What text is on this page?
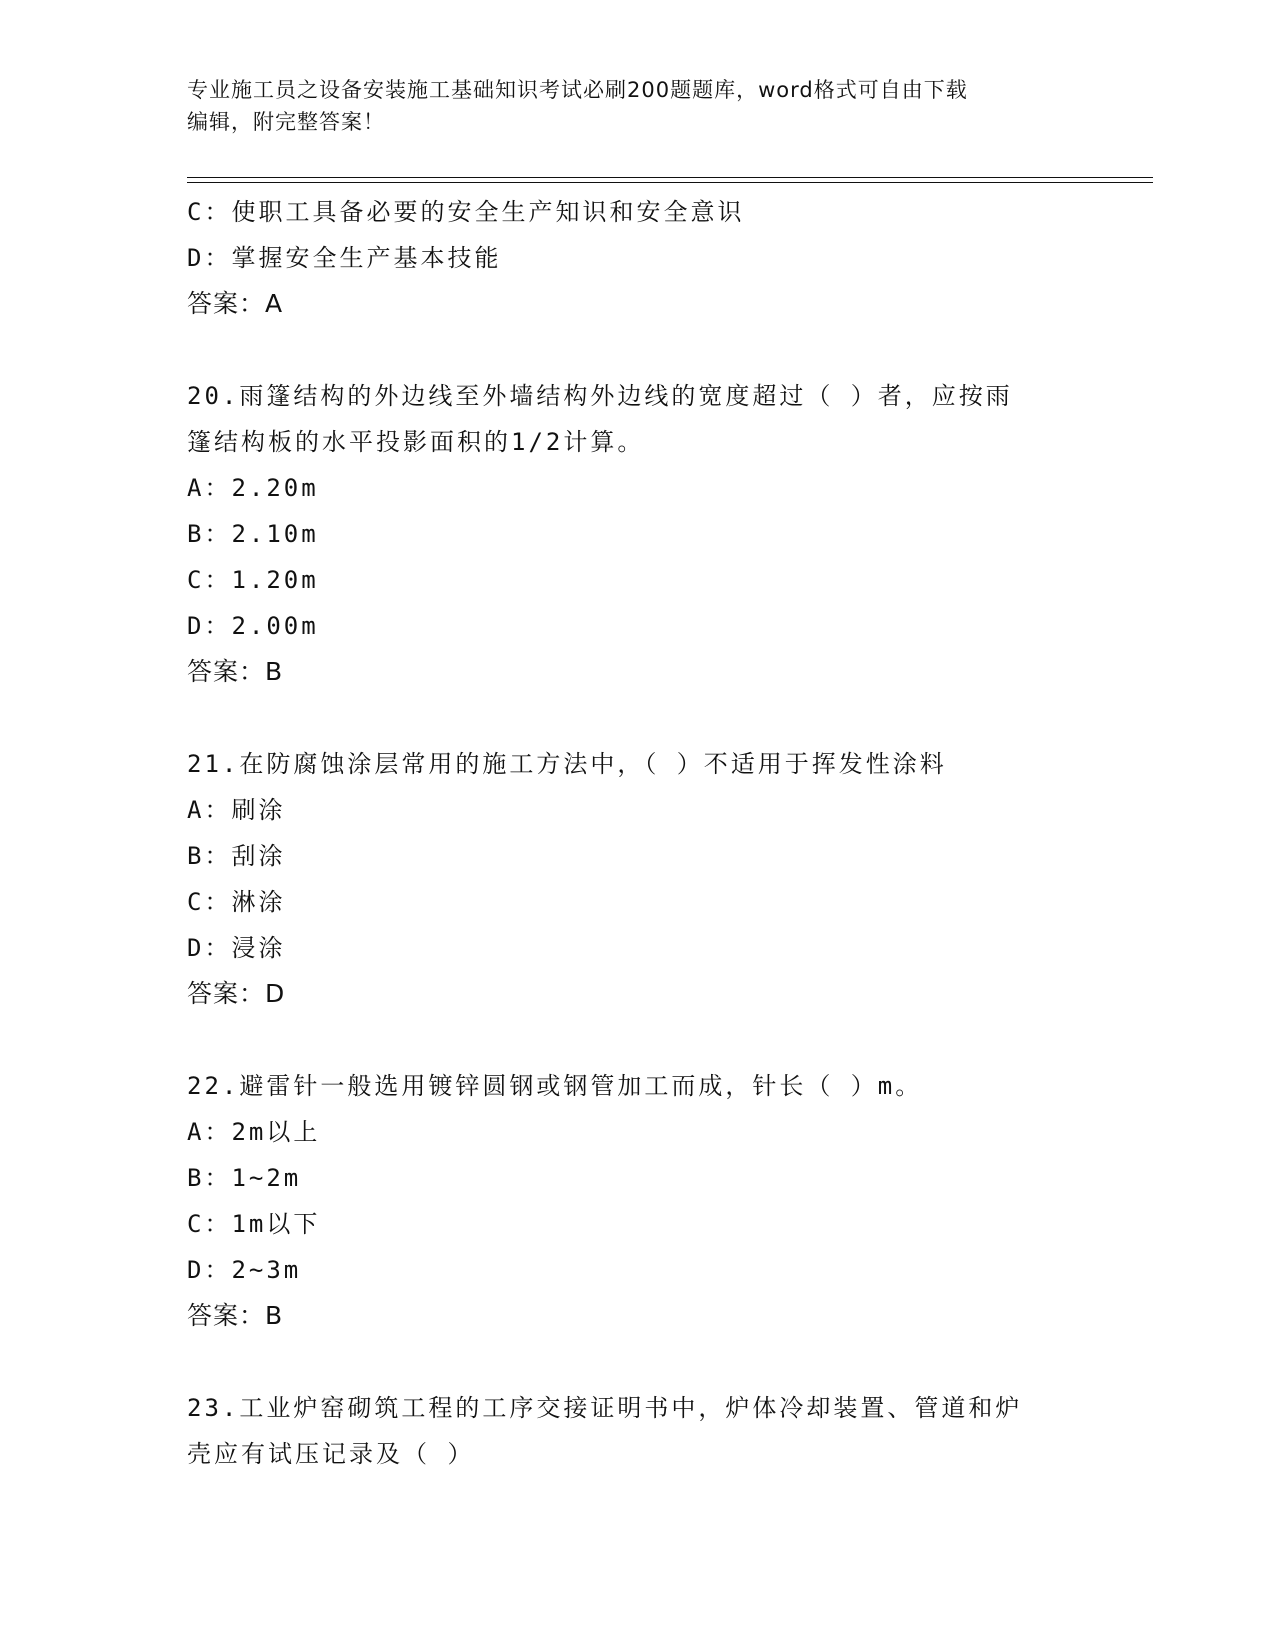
专业施工员之设备安装施工基础知识考试必刷200题题库，word格式可自由下载
编辑，附完整答案！
C：使职工具备必要的安全生产知识和安全意识
D：掌握安全生产基本技能
答案：A
20.雨篷结构的外边线至外墙结构外边线的宽度超过（ ）者，应按雨
篷结构板的水平投影面积的1/2计算。
A：2.20m
B：2.10m
C：1.20m
D：2.00m
答案：B
21.在防腐蚀涂层常用的施工方法中，（ ）不适用于挥发性涂料
A：刷涂
B：刮涂
C：淋涂
D：浸涂
答案：D
22.避雷针一般选用镀锌圆钢或钢管加工而成，针长（ ）m。
A：2m以上
B：1~2m
C：1m以下
D：2~3m
答案：B
23.工业炉窑砌筑工程的工序交接证明书中，炉体冷却装置、管道和炉
壳应有试压记录及（ ）
